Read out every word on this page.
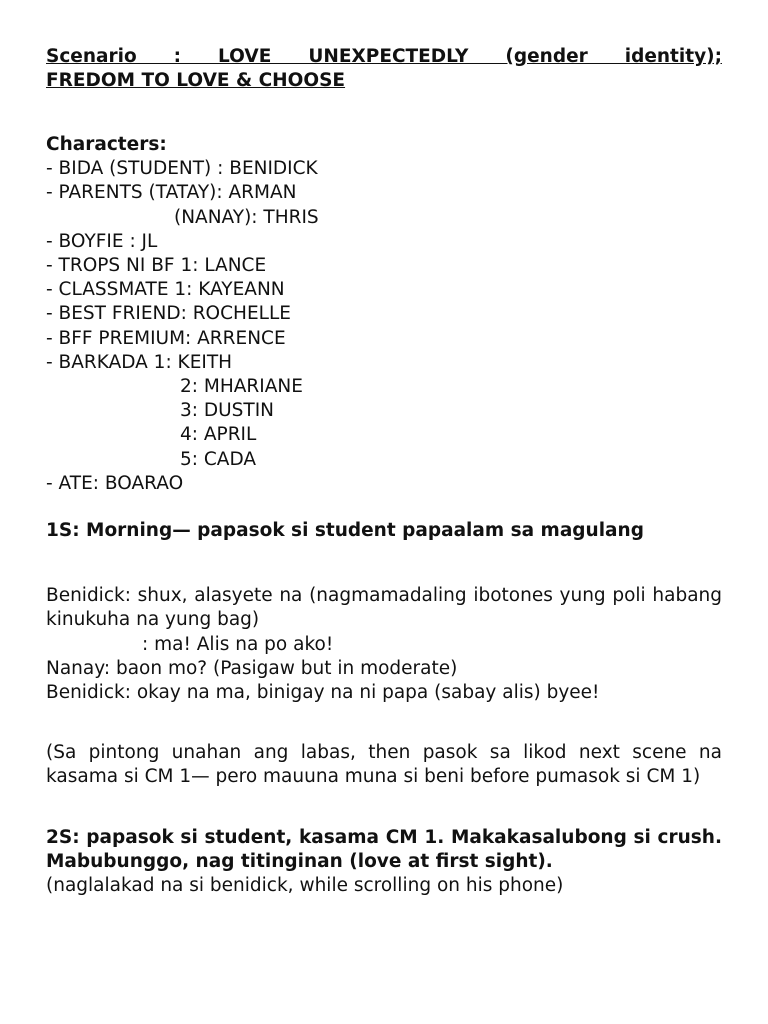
Scenario : LOVE UNEXPECTEDLY (gender identity);
FREDOM TO LOVE & CHOOSE
Characters:
- BIDA (STUDENT) : BENIDICK
- PARENTS (TATAY): ARMAN
(NANAY): THRIS
- BOYFIE : JL
- TROPS NI BF 1: LANCE
- CLASSMATE 1: KAYEANN
- BEST FRIEND: ROCHELLE
- BFF PREMIUM: ARRENCE
- BARKADA 1: KEITH
2: MHARIANE
3: DUSTIN
4: APRIL
5: CADA
- ATE: BOARAO
1S: Morning— papasok si student papaalam sa magulang
Benidick: shux, alasyete na (nagmamadaling ibotones yung poli habang kinukuha na yung bag)
: ma! Alis na po ako!
Nanay: baon mo? (Pasigaw but in moderate)
Benidick: okay na ma, binigay na ni papa (sabay alis) byee!
(Sa pintong unahan ang labas, then pasok sa likod next scene na kasama si CM 1— pero mauuna muna si beni before pumasok si CM 1)
2S: papasok si student, kasama CM 1. Makakasalubong si crush. Mabubunggo, nag titinginan (love at first sight).
(naglalakad na si benidick, while scrolling on his phone)
